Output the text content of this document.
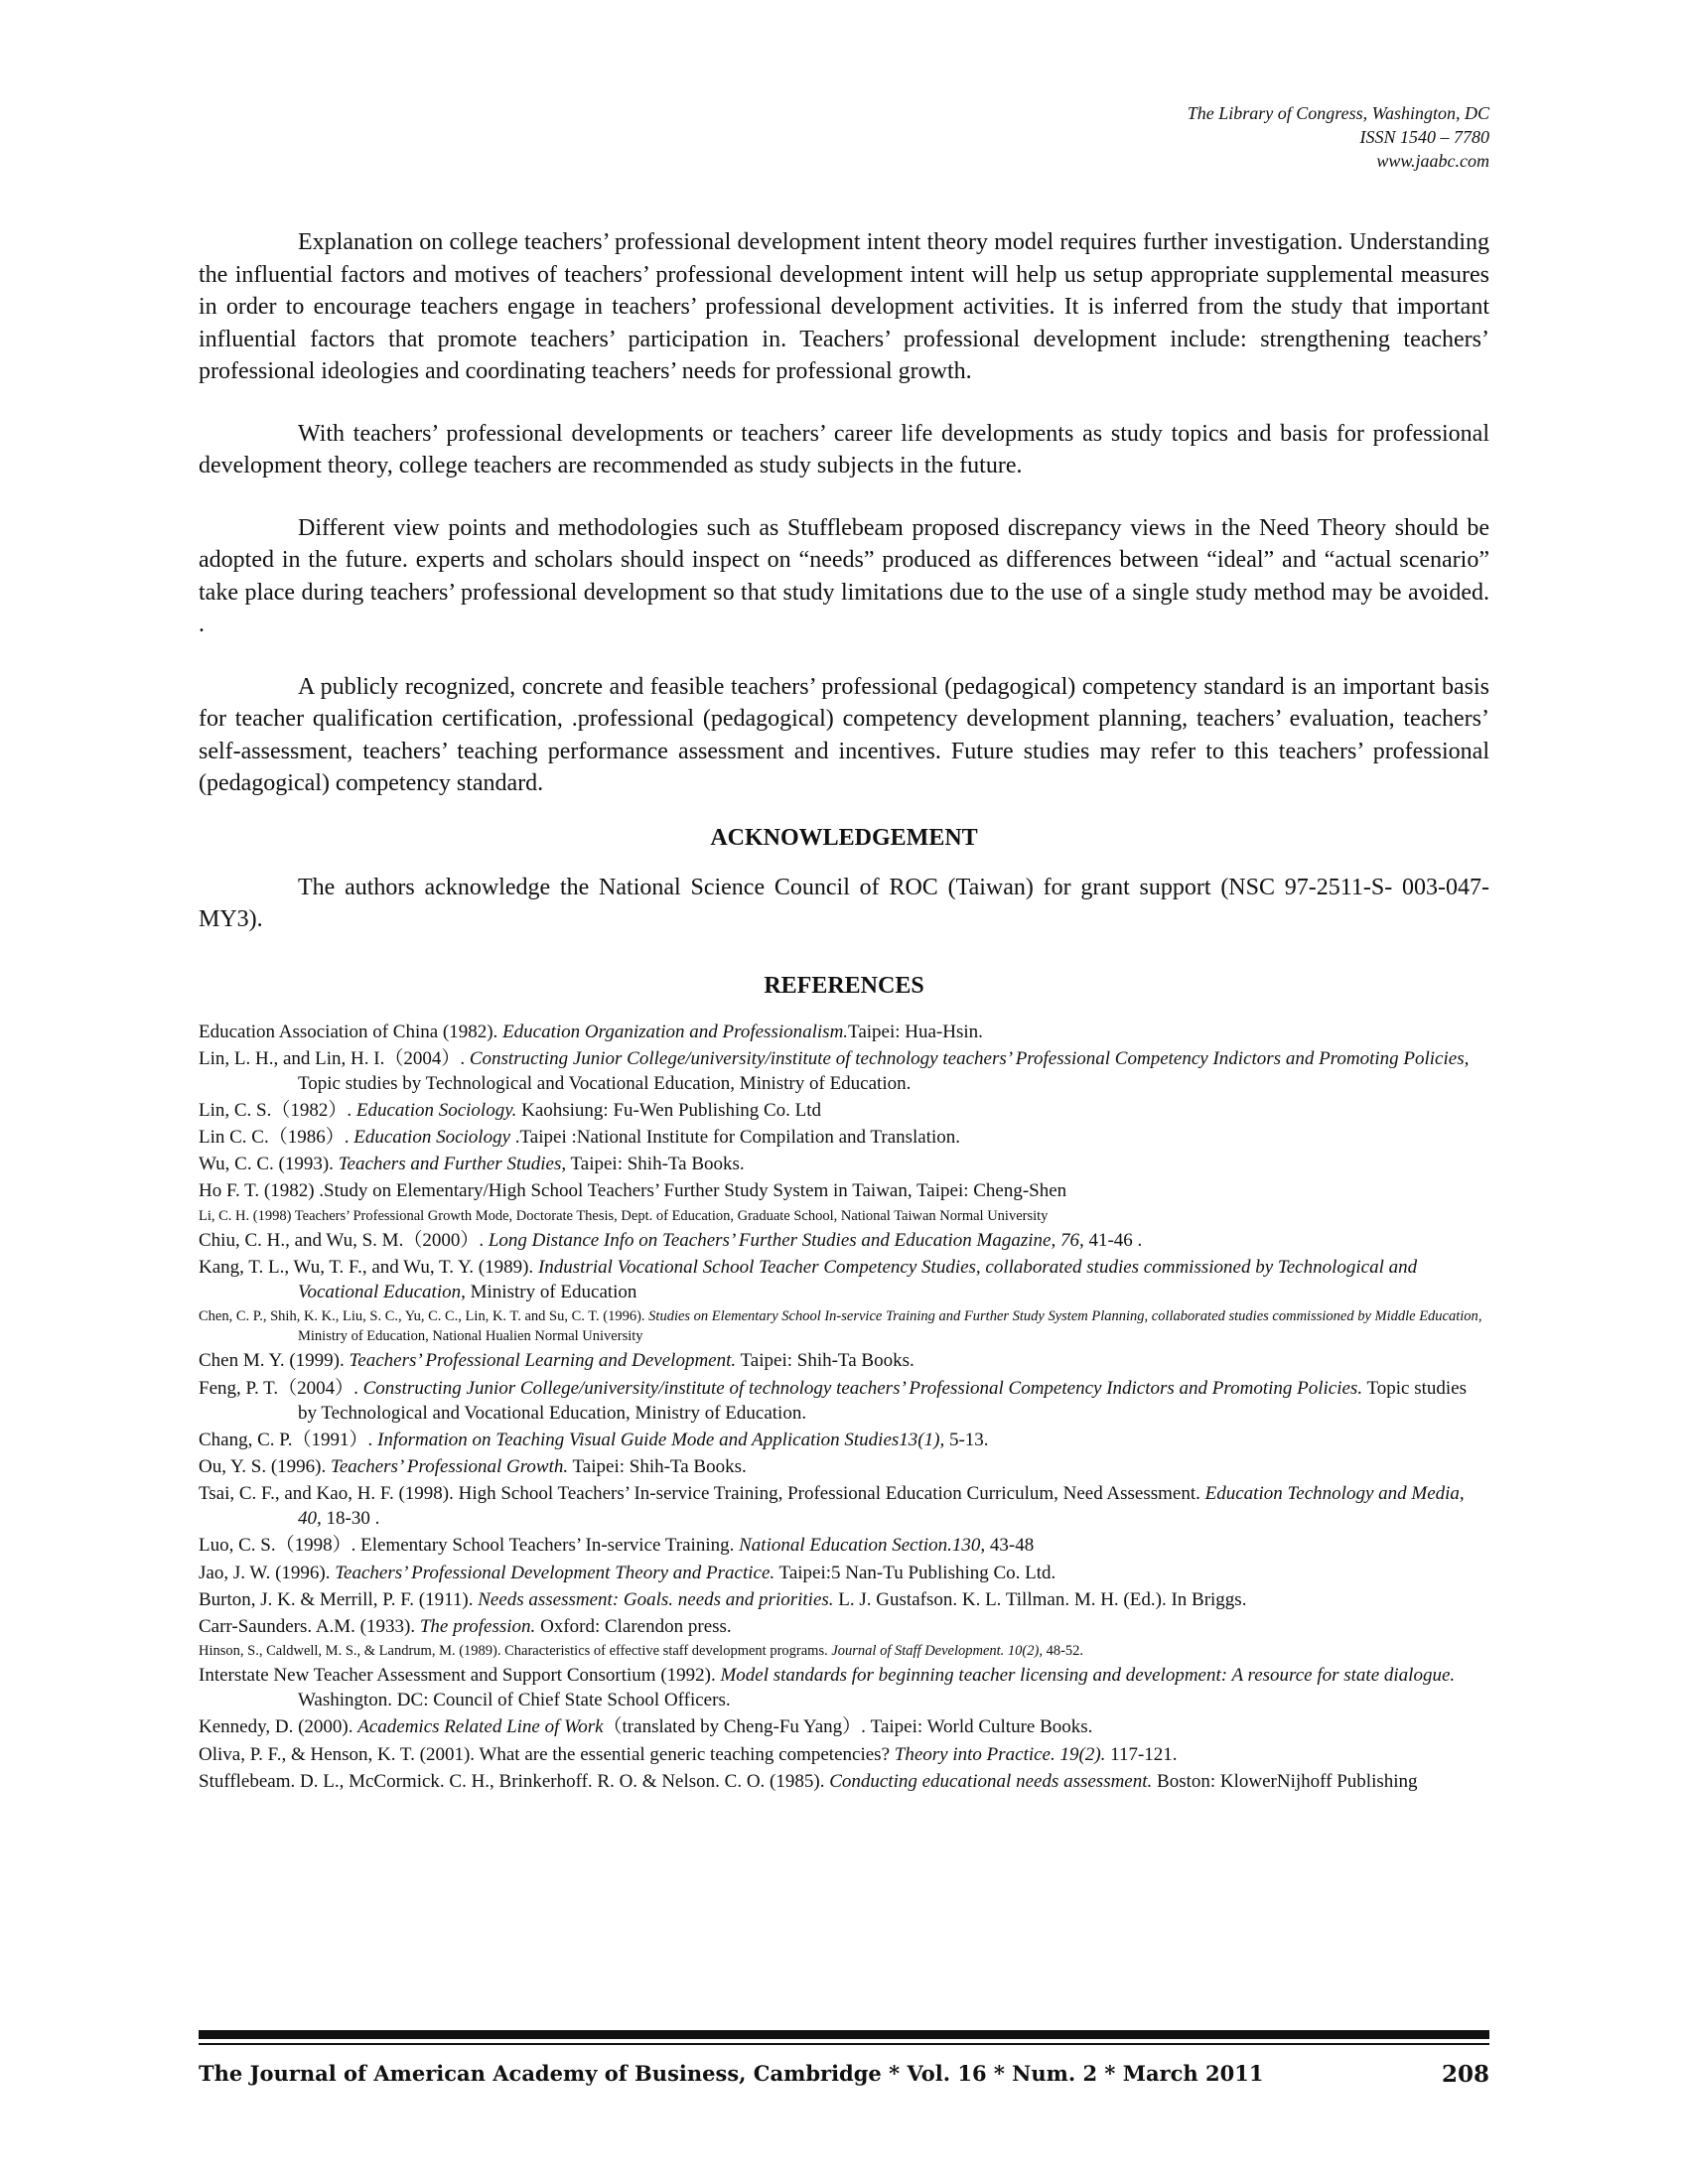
The Library of Congress, Washington, DC
ISSN 1540 – 7780
www.jaabc.com

Explanation on college teachers’ professional development intent theory model requires further investigation. Understanding the influential factors and motives of teachers’ professional development intent will help us setup appropriate supplemental measures in order to encourage teachers engage in teachers’ professional development activities. It is inferred from the study that important influential factors that promote teachers’ participation in. Teachers’ professional development include: strengthening teachers’ professional ideologies and coordinating teachers’ needs for professional growth.

With teachers’ professional developments or teachers’ career life developments as study topics and basis for professional development theory, college teachers are recommended as study subjects in the future.

Different view points and methodologies such as Stufflebeam proposed discrepancy views in the Need Theory should be adopted in the future. experts and scholars should inspect on “needs” produced as differences between “ideal” and “actual scenario” take place during teachers’ professional development so that study limitations due to the use of a single study method may be avoided. .

A publicly recognized, concrete and feasible teachers’ professional (pedagogical) competency standard is an important basis for teacher qualification certification, .professional (pedagogical) competency development planning, teachers’ evaluation, teachers’ self-assessment, teachers’ teaching performance assessment and incentives. Future studies may refer to this teachers’ professional (pedagogical) competency standard.

ACKNOWLEDGEMENT

The authors acknowledge the National Science Council of ROC (Taiwan) for grant support (NSC 97-2511-S- 003-047-MY3).

REFERENCES
Education Association of China (1982). Education Organization and Professionalism.Taipei: Hua-Hsin.
Lin, L. H., and Lin, H. I.（2004）. Constructing Junior College/university/institute of technology teachers’ Professional Competency Indictors and Promoting Policies, Topic studies by Technological and Vocational Education, Ministry of Education.
Lin, C. S.（1982）. Education Sociology. Kaohsiung: Fu-Wen Publishing Co. Ltd
Lin C. C.（1986）. Education Sociology .Taipei :National Institute for Compilation and Translation.
Wu, C. C. (1993). Teachers and Further Studies, Taipei: Shih-Ta Books.
Ho F. T. (1982) .Study on Elementary/High School Teachers’ Further Study System in Taiwan, Taipei: Cheng-Shen
Li, C. H. (1998) Teachers’ Professional Growth Mode, Doctorate Thesis, Dept. of Education, Graduate School, National Taiwan Normal University
Chiu, C. H., and Wu, S. M.（2000）. Long Distance Info on Teachers’ Further Studies and Education Magazine, 76, 41-46 .
Kang, T. L., Wu, T. F., and Wu, T. Y. (1989). Industrial Vocational School Teacher Competency Studies, collaborated studies commissioned by Technological and Vocational Education, Ministry of Education
Chen, C. P., Shih, K. K., Liu, S. C., Yu, C. C., Lin, K. T. and Su, C. T. (1996). Studies on Elementary School In-service Training and Further Study System Planning, collaborated studies commissioned by Middle Education, Ministry of Education, National Hualien Normal University
Chen M. Y. (1999). Teachers’ Professional Learning and Development. Taipei: Shih-Ta Books.
Feng, P. T.（2004）. Constructing Junior College/university/institute of technology teachers’ Professional Competency Indictors and Promoting Policies. Topic studies by Technological and Vocational Education, Ministry of Education.
Chang, C. P.（1991）. Information on Teaching Visual Guide Mode and Application Studies13(1), 5-13.
Ou, Y. S. (1996). Teachers’ Professional Growth. Taipei: Shih-Ta Books.
Tsai, C. F., and Kao, H. F. (1998). High School Teachers’ In-service Training, Professional Education Curriculum, Need Assessment. Education Technology and Media, 40, 18-30 .
Luo, C. S.（1998）. Elementary School Teachers’ In-service Training. National Education Section.130, 43-48
Jao, J. W. (1996). Teachers’ Professional Development Theory and Practice. Taipei:5 Nan-Tu Publishing Co. Ltd.
Burton, J. K. & Merrill, P. F. (1911). Needs assessment: Goals. needs and priorities. L. J. Gustafson. K. L. Tillman. M. H. (Ed.). In Briggs.
Carr-Saunders. A.M. (1933). The profession. Oxford: Clarendon press.
Hinson, S., Caldwell, M. S., & Landrum, M. (1989). Characteristics of effective staff development programs. Journal of Staff Development. 10(2), 48-52.
Interstate New Teacher Assessment and Support Consortium (1992). Model standards for beginning teacher licensing and development: A resource for state dialogue. Washington. DC: Council of Chief State School Officers.
Kennedy, D. (2000). Academics Related Line of Work（translated by Cheng-Fu Yang）. Taipei: World Culture Books.
Oliva, P. F., & Henson, K. T. (2001). What are the essential generic teaching competencies? Theory into Practice. 19(2). 117-121.
Stufflebeam. D. L., McCormick. C. H., Brinkerhoff. R. O. & Nelson. C. O. (1985). Conducting educational needs assessment. Boston: KlowerNijhoff Publishing
The Journal of American Academy of Business, Cambridge * Vol. 16 * Num. 2 * March 2011	208
